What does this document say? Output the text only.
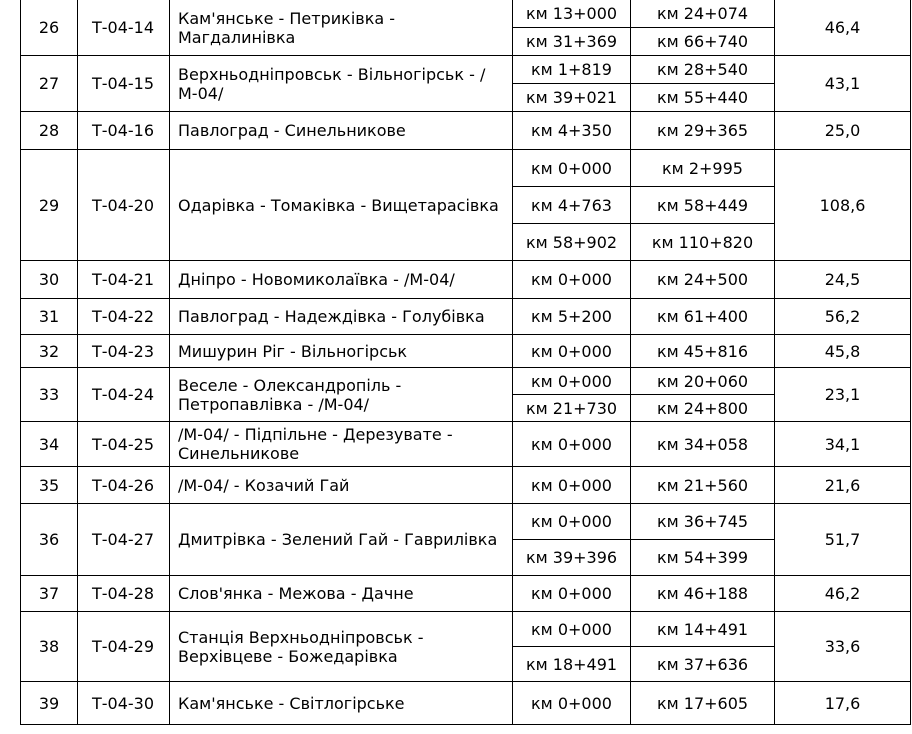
26	Т-04-14	Кам'янське - Петриківка - Магдалинівка	км 13+000	км 24+074	46,4
			км 31+369	км 66+740	
27	Т-04-15	Верхньодніпровськ - Вільногірськ - /М-04/	км 1+819	км 28+540	43,1
			км 39+021	км 55+440	
28	Т-04-16	Павлоград - Синельникове	км 4+350	км 29+365	25,0
29	Т-04-20	Одарівка - Томаківка - Вищетарасівка	км 0+000	км 2+995	108,6
			км 4+763	км 58+449	
			км 58+902	км 110+820	
30	Т-04-21	Дніпро - Новомиколаївка - /М-04/	км 0+000	км 24+500	24,5
31	Т-04-22	Павлоград - Надеждівка - Голубівка	км 5+200	км 61+400	56,2
32	Т-04-23	Мишурин Ріг - Вільногірськ	км 0+000	км 45+816	45,8
33	Т-04-24	Веселе - Олександропіль - Петропавлівка - /М-04/	км 0+000	км 20+060	23,1
			км 21+730	км 24+800	
34	Т-04-25	/М-04/ - Підпільне - Дерезувате - Синельникове	км 0+000	км 34+058	34,1
35	Т-04-26	/М-04/ - Козачий Гай	км 0+000	км 21+560	21,6
36	Т-04-27	Дмитрівка - Зелений Гай - Гаврилівка	км 0+000	км 36+745	51,7
			км 39+396	км 54+399	
37	Т-04-28	Слов'янка - Межова - Дачне	км 0+000	км 46+188	46,2
38	Т-04-29	Станція Верхньодніпровськ - Верхівцеве - Божедарівка	км 0+000	км 14+491	33,6
			км 18+491	км 37+636	
39	Т-04-30	Кам'янське - Світлогірське	км 0+000	км 17+605	17,6
